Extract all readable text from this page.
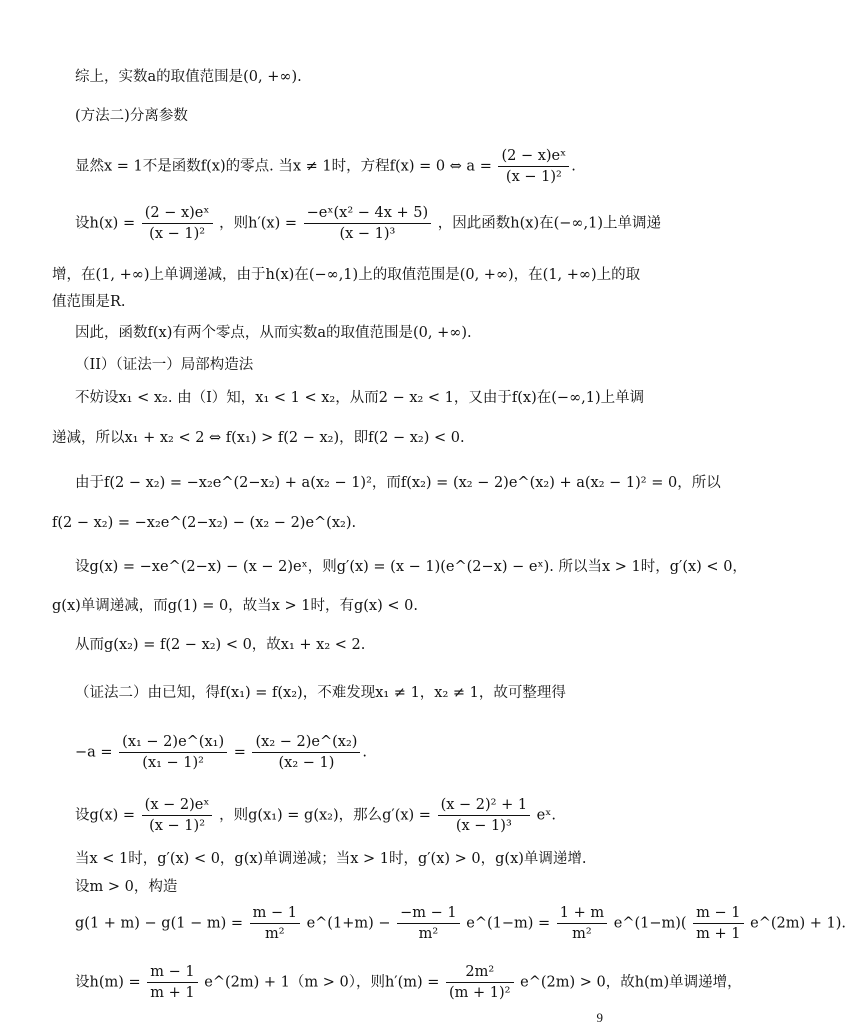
综上，实数a的取值范围是(0, +∞).
(方法二)分离参数
显然x = 1不是函数f(x)的零点. 当x ≠ 1时，方程f(x) = 0 ⇔ $a = \frac{\text{(2 − x)eˣ}}{\text{(x − 1)²}}$ .
设$h(x) = \frac{\text{(2 − x)eˣ}}{\text{(x − 1)²}}$ ，则$h'(x) = \frac{\text{−eˣ(x² − 4x + 5)}}{\text{(x − 1)³}}$ ，因此函数h(x)在(−∞,1)上单调递
增，在(1, +∞)上单调递减，由于h(x)在(−∞,1)上的取值范围是(0, +∞)，在(1, +∞)上的取
值范围是R.
因此，函数f(x)有两个零点，从而实数a的取值范围是(0, +∞).
（II）（证法一）局部构造法
不妨设x₁ < x₂. 由（I）知，x₁ < 1 < x₂，从而2 − x₂ < 1，又由于f(x)在(−∞,1)上单调
递减，所以x₁ + x₂ < 2 ⇔ f(x₁) > f(2 − x₂)，即f(2 − x₂) < 0.
由于f(2 − x₂) = −x₂e^(2−x₂) + a(x₂ − 1)²，而f(x₂) = (x₂ − 2)e^(x₂) + a(x₂ − 1)² = 0，所以
f(2 − x₂) = −x₂e^(2−x₂) − (x₂ − 2)e^(x₂).
设g(x) = −xe^(2−x) − (x − 2)eˣ，则g′(x) = (x − 1)(e^(2−x) − eˣ). 所以当x > 1时，g′(x) < 0，
g(x)单调递减，而g(1) = 0，故当x > 1时，有g(x) < 0.
从而g(x₂) = f(2 − x₂) < 0，故x₁ + x₂ < 2.
（证法二）由已知，得f(x₁) = f(x₂)，不难发现x₁ ≠ 1，x₂ ≠ 1，故可整理得
$-a = \frac{\text{(x₁ − 2)e\textasciicircum{}(x₁)}}{\text{(x₁ − 1)²}} = \frac{\text{(x₂ − 2)e\textasciicircum{}(x₂)}}{\text{(x₂ − 1)}}$ .
设$g(x) = \frac{\text{(x − 2)eˣ}}{\text{(x − 1)²}}$ ，则g(x₁) = g(x₂)，那么$g'(x) = \frac{\text{(x − 2)² + 1}}{\text{(x − 1)³}}$ eˣ.
当x < 1时，g′(x) < 0，g(x)单调递减；当x > 1时，g′(x) > 0，g(x)单调递增.
设m > 0，构造
$g(1 + m) - g(1 - m) = \frac{m - 1}{\text{m²}}$ e^(1+m) − $\frac{-m - 1}{\text{m²}}$ e^(1−m) = $\frac{1 + m}{\text{m²}}$ e^(1−m)( $\frac{m - 1}{m + 1}$ e^(2m) + 1).
设$h(m) = \frac{m - 1}{m + 1}$ e^(2m) + 1（m > 0），则$h'(m) = \frac{\text{2m²}}{\text{(m + 1)²}}$ e^(2m) > 0，故h(m)单调递增，
9
